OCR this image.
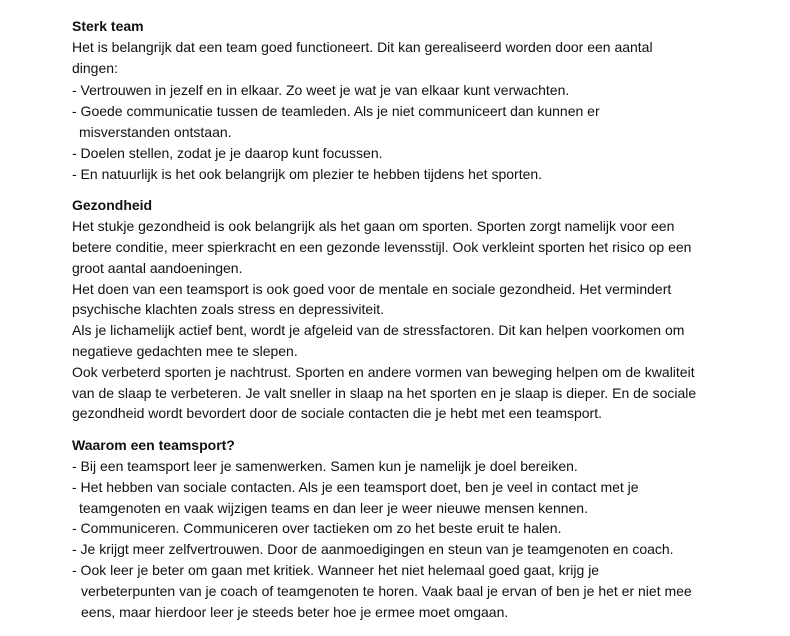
Sterk team

Het is belangrijk dat een team goed functioneert. Dit kan gerealiseerd worden door een aantal

dingen:

- Vertrouwen in jezelf en in elkaar. Zo weet je wat je van elkaar kunt verwachten.
- Goede communicatie tussen de teamleden. Als je niet communiceert dan kunnen er
misverstanden ontstaan.
- Doelen stellen, zodat je je daarop kunt focussen.
- En natuurlijk is het ook belangrijk om plezier te hebben tijdens het sporten.
Gezondheid

Het stukje gezondheid is ook belangrijk als het gaan om sporten. Sporten zorgt namelijk voor een

betere conditie, meer spierkracht en een gezonde levensstijl. Ook verkleint sporten het risico op een

groot aantal aandoeningen.

Het doen van een teamsport is ook goed voor de mentale en sociale gezondheid. Het vermindert

psychische klachten zoals stress en depressiviteit.

Als je lichamelijk actief bent, wordt je afgeleid van de stressfactoren. Dit kan helpen voorkomen om

negatieve gedachten mee te slepen.

Ook verbeterd sporten je nachtrust. Sporten en andere vormen van beweging helpen om de kwaliteit

van de slaap te verbeteren. Je valt sneller in slaap na het sporten en je slaap is dieper. En de sociale

gezondheid wordt bevordert door de sociale contacten die je hebt met een teamsport.

Waarom een teamsport?
- Bij een teamsport leer je samenwerken. Samen kun je namelijk je doel bereiken.
- Het hebben van sociale contacten. Als je een teamsport doet, ben je veel in contact met je
teamgenoten en vaak wijzigen teams en dan leer je weer nieuwe mensen kennen.
- Communiceren. Communiceren over tactieken om zo het beste eruit te halen.
- Je krijgt meer zelfvertrouwen. Door de aanmoedigingen en steun van je teamgenoten en coach.
- Ook leer je beter om gaan met kritiek. Wanneer het niet helemaal goed gaat, krijg je
verbeterpunten van je coach of teamgenoten te horen. Vaak baal je ervan of ben je het er niet mee
eens, maar hierdoor leer je steeds beter hoe je ermee moet omgaan.
